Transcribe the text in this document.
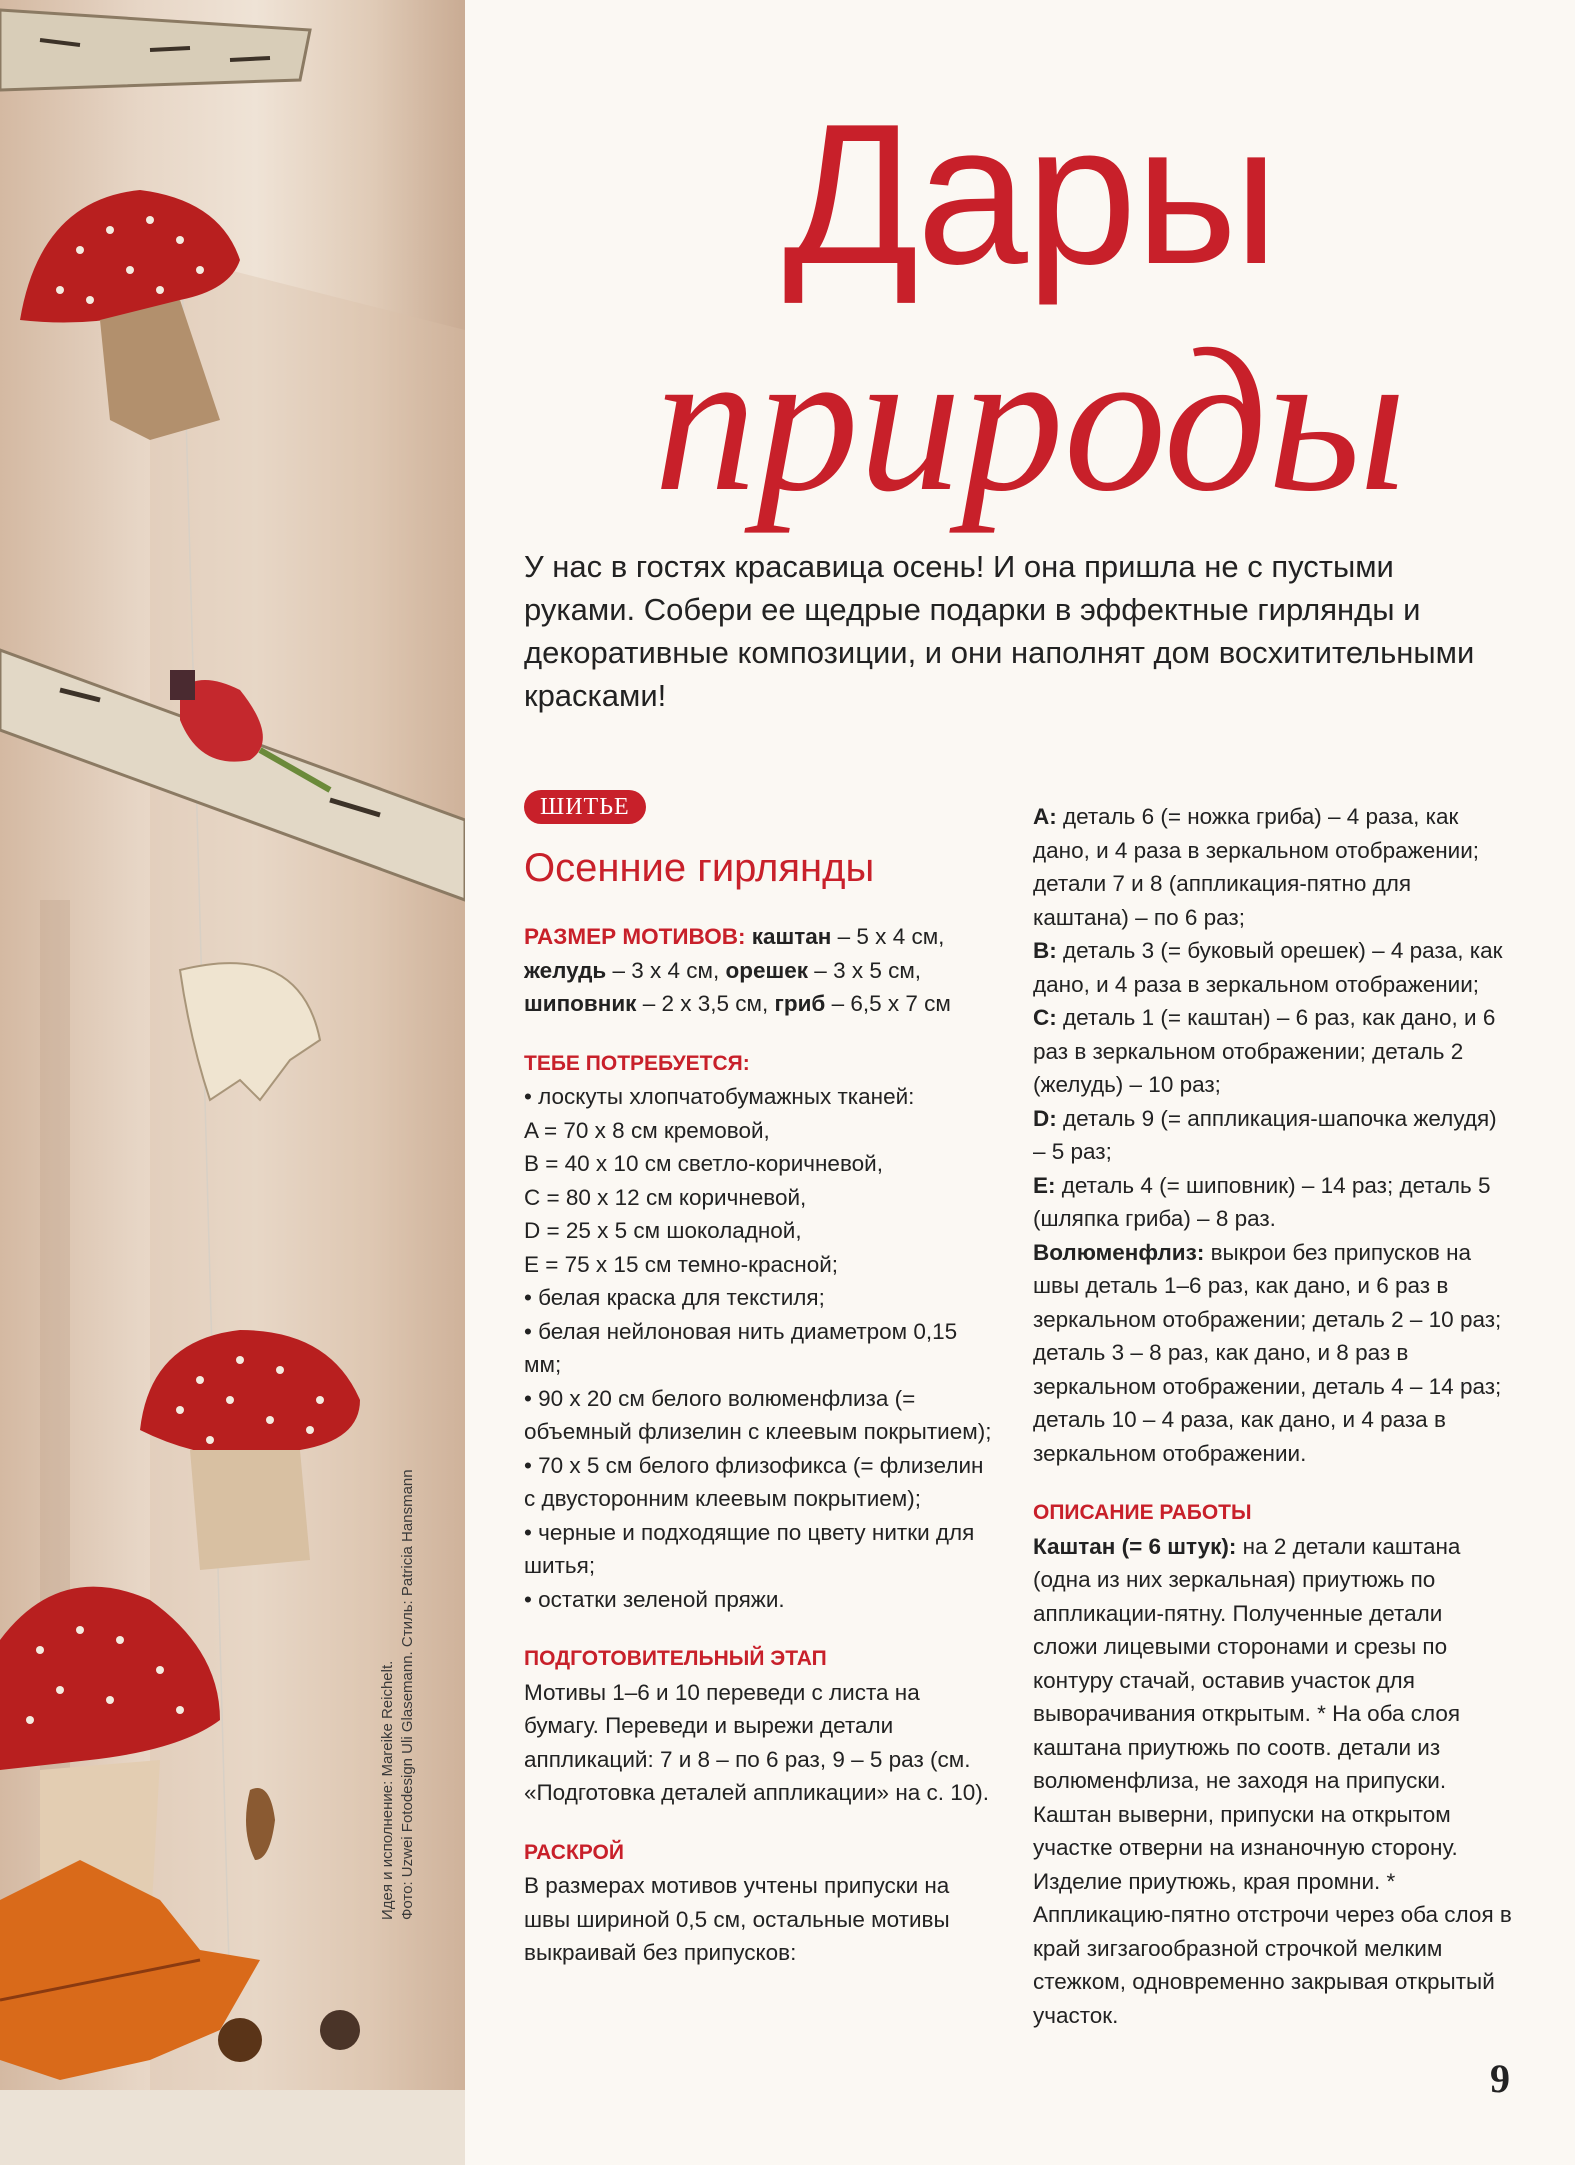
Идея и исполнение: Mareike Reichelt. Фото: Uzwei Fotodesign Uli Glasemann. Стиль: Patricia Hansmann
Дары
природы
У нас в гостях красавица осень! И она пришла не с пустыми руками. Собери ее щедрые подарки в эффектные гирлянды и декоративные композиции, и они наполнят дом восхитительными красками!
ШИТЬЕ
Осенние гирлянды
РАЗМЕР МОТИВОВ: каштан – 5 x 4 см, желудь – 3 x 4 см, орешек – 3 x 5 см, шиповник – 2 x 3,5 см, гриб – 6,5 x 7 см
ТЕБЕ ПОТРЕБУЕТСЯ:

• лоскуты хлопчатобумажных тканей:

A = 70 x 8 см кремовой,

B = 40 x 10 см светло-коричневой,

C = 80 x 12 см коричневой,

D = 25 x 5 см шоколадной,

E = 75 x 15 см темно-красной;

• белая краска для текстиля;

• белая нейлоновая нить диаметром 0,15 мм;

• 90 x 20 см белого волюменфлиза (= объемный флизелин с клеевым покрытием);

• 70 x 5 см белого флизофикса (= флизелин с двусторонним клеевым покрытием);

• черные и подходящие по цвету нитки для шитья;

• остатки зеленой пряжи.

ПОДГОТОВИТЕЛЬНЫЙ ЭТАП

Мотивы 1–6 и 10 переведи с листа на бумагу. Переведи и вырежи детали аппликаций: 7 и 8 – по 6 раз, 9 – 5 раз (см. «Подготовка деталей аппликации» на с. 10).

РАСКРОЙ

В размерах мотивов учтены припуски на швы шириной 0,5 см, остальные мотивы выкраивай без припусков:

A: деталь 6 (= ножка гриба) – 4 раза, как дано, и 4 раза в зеркальном отображении; детали 7 и 8 (аппликация-пятно для каштана) – по 6 раз;

B: деталь 3 (= буковый орешек) – 4 раза, как дано, и 4 раза в зеркальном отображении;

C: деталь 1 (= каштан) – 6 раз, как дано, и 6 раз в зеркальном отображении; деталь 2 (желудь) – 10 раз;

D: деталь 9 (= аппликация-шапочка желудя) – 5 раз;

E: деталь 4 (= шиповник) – 14 раз; деталь 5 (шляпка гриба) – 8 раз.

Волюменфлиз: выкрои без припусков на швы деталь 1–6 раз, как дано, и 6 раз в зеркальном отображении; деталь 2 – 10 раз; деталь 3 – 8 раз, как дано, и 8 раз в зеркальном отображении, деталь 4 – 14 раз; деталь 10 – 4 раза, как дано, и 4 раза в зеркальном отображении.

ОПИСАНИЕ РАБОТЫ

Каштан (= 6 штук): на 2 детали каштана (одна из них зеркальная) приутюжь по аппликации-пятну. Полученные детали сложи лицевыми сторонами и срезы по контуру стачай, оставив участок для выворачивания открытым. * На оба слоя каштана приутюжь по соотв. детали из волюменфлиза, не заходя на припуски. Каштан выверни, припуски на открытом участке отверни на изнаночную сторону. Изделие приутюжь, края промни. * Аппликацию-пятно отстрочи через оба слоя в край зигзагообразной строчкой мелким стежком, одновременно закрывая открытый участок.

9
